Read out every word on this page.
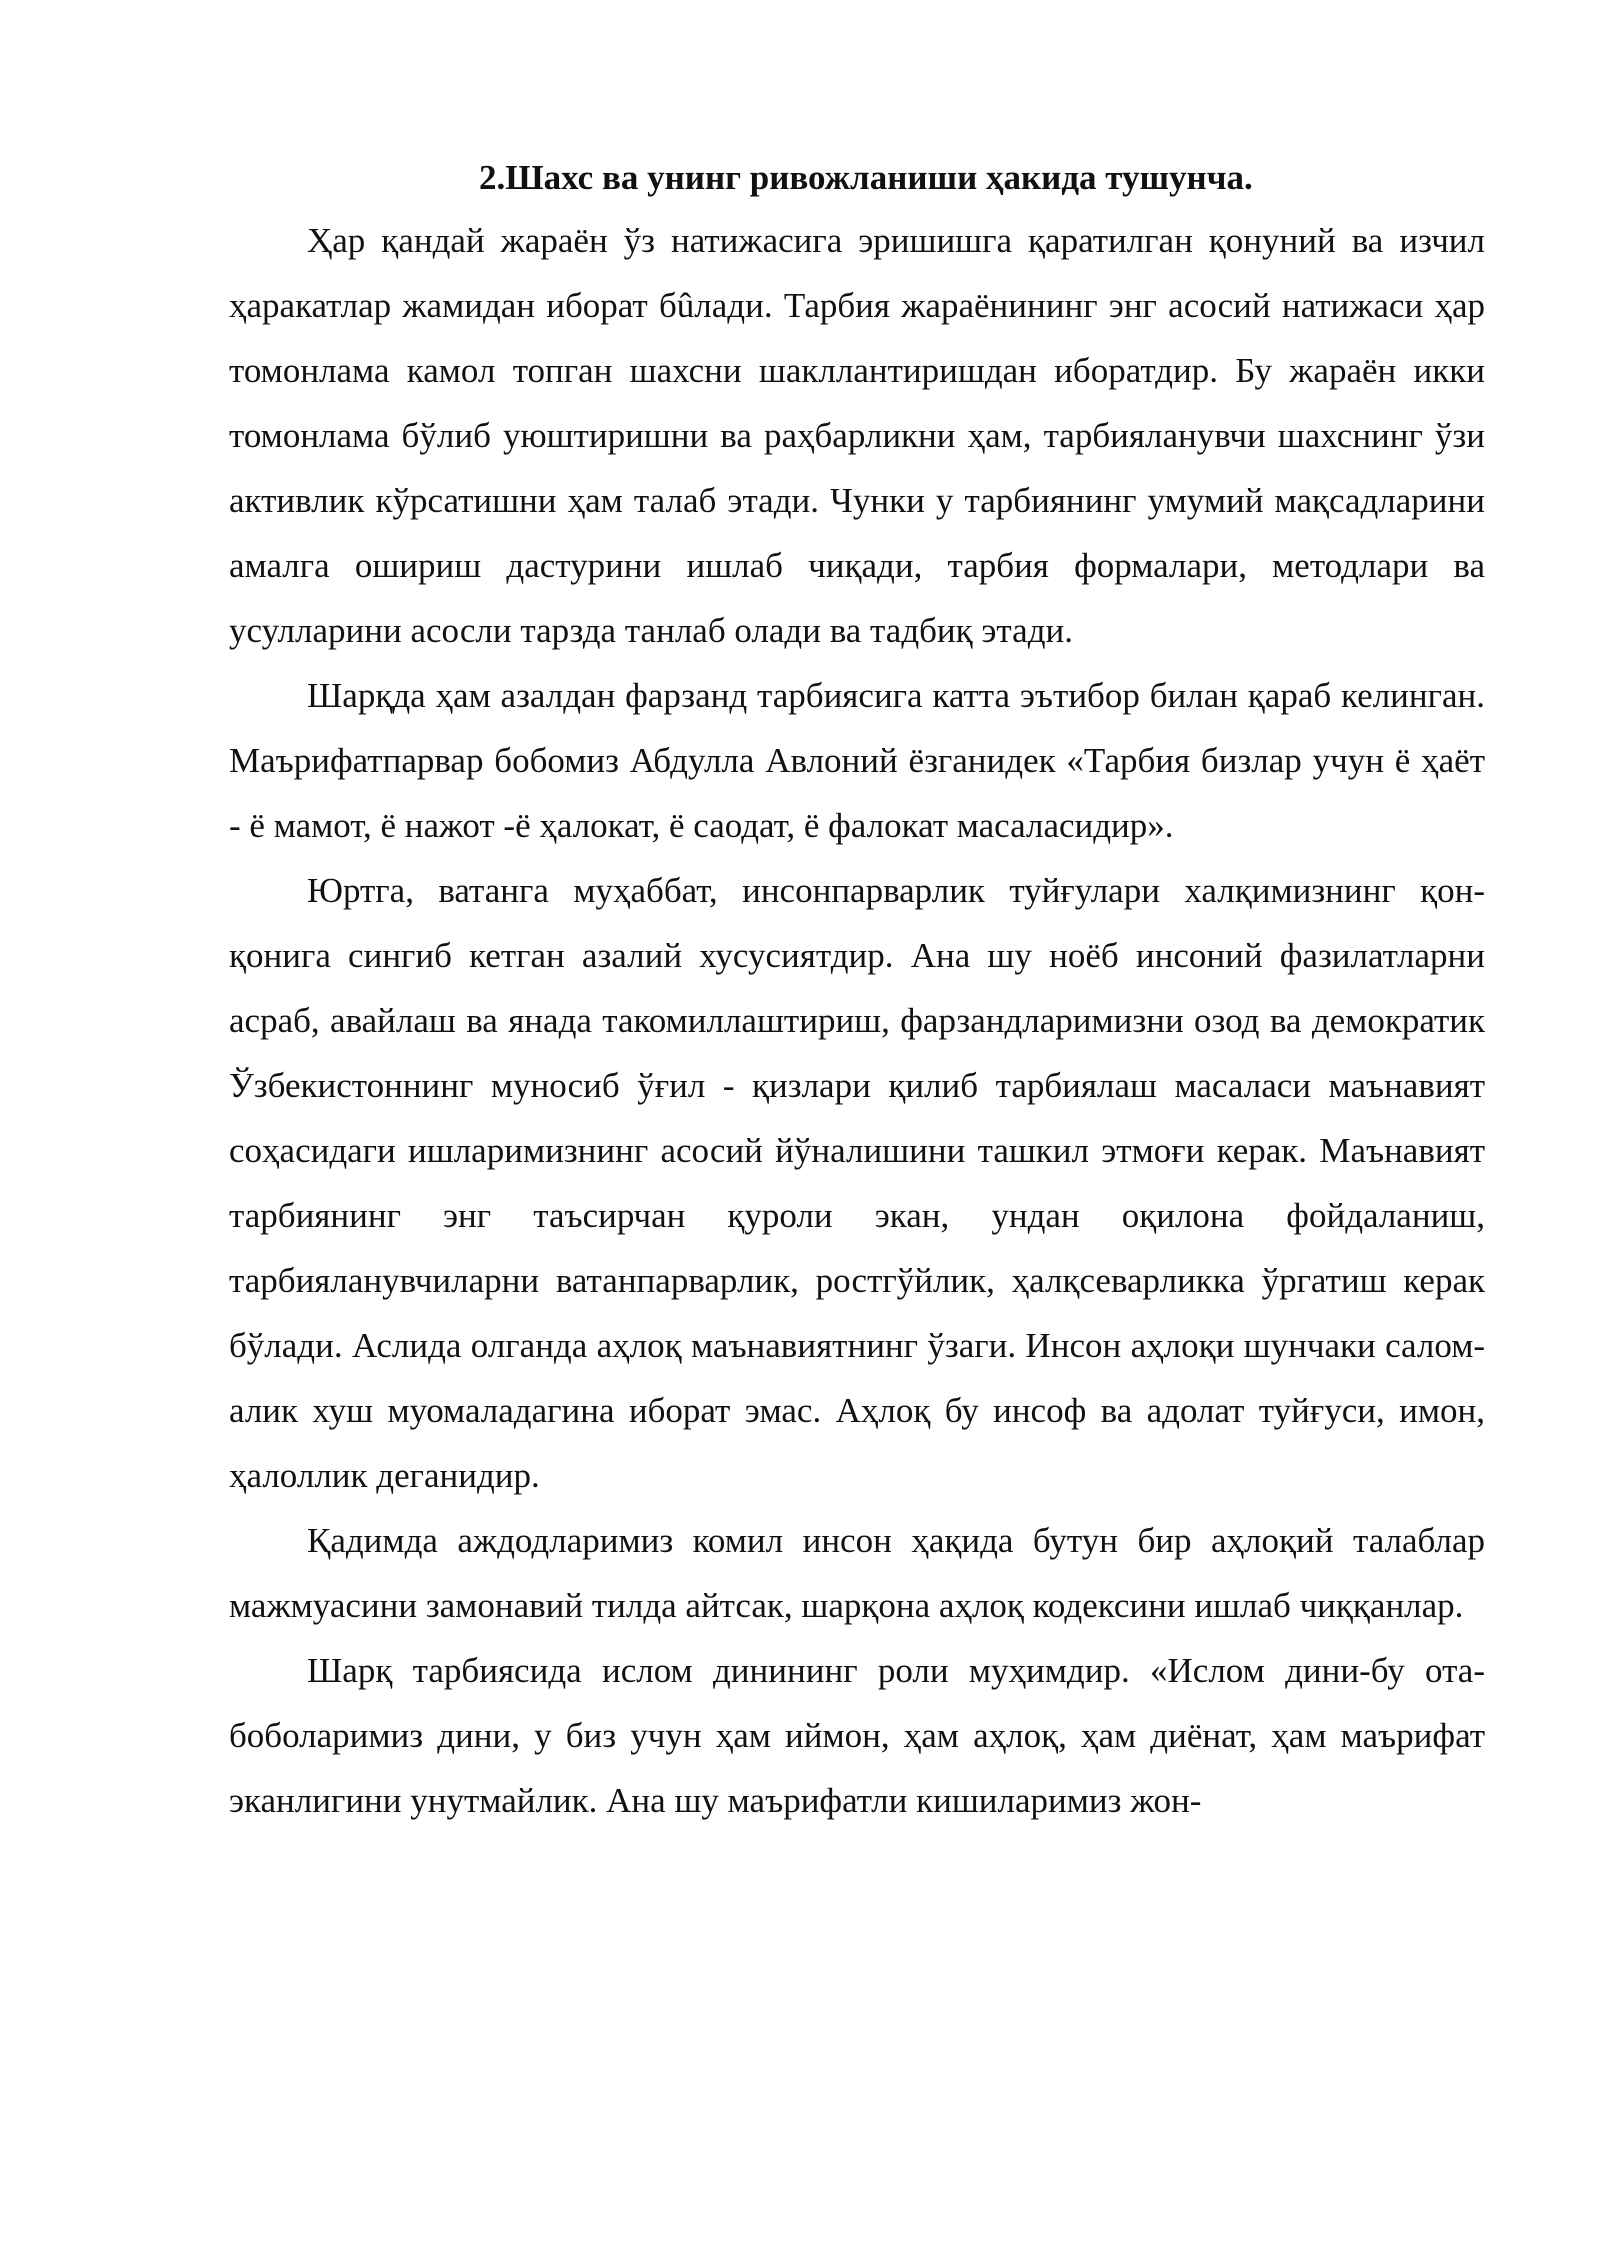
2.Шахс ва унинг ривожланиши ҳакида тушунча.

Ҳар қандай жараён ўз натижасига эришишга қаратилган қонуний ва изчил ҳаракатлар жамидан иборат бûлади. Тарбия жараёнининг энг асосий натижаси ҳар томонлама камол топган шахсни шакллантиришдан иборатдир. Бу жараён икки томонлама бўлиб уюштиришни ва раҳбарликни ҳам, тарбияланувчи шахснинг ўзи активлик кўрсатишни ҳам талаб этади. Чунки у тарбиянинг умумий мақсадларини амалга ошириш дастурини ишлаб чиқади, тарбия формалари, методлари ва усулларини асосли тарзда танлаб олади ва тадбиқ этади.

Шарқда ҳам азалдан фарзанд тарбиясига катта эътибор билан қараб келинган. Маърифатпарвар бобомиз Абдулла Авлоний ёзганидек «Тарбия бизлар учун ё ҳаёт - ё мамот, ё нажот -ё ҳалокат, ё саодат, ё фалокат масаласидир».

Юртга, ватанга муҳаббат, инсонпарварлик туйғулари халқимизнинг қон-қонига сингиб кетган азалий хусусиятдир. Ана шу ноёб инсоний фазилатларни асраб, авайлаш ва янада такомиллаштириш, фарзандларимизни озод ва демократик Ўзбекистоннинг муносиб ўғил - қизлари қилиб тарбиялаш масаласи маънавият соҳасидаги ишларимизнинг асосий йўналишини ташкил этмоғи керак. Маънавият тарбиянинг энг таъсирчан қуроли экан, ундан оқилона фойдаланиш, тарбияланувчиларни ватанпарварлик, ростгўйлик, ҳалқсеварликка ўргатиш керак бўлади. Аслида олганда аҳлоқ маънавиятнинг ўзаги. Инсон аҳлоқи шунчаки салом-алик хуш муомаладагина иборат эмас. Аҳлоқ бу инсоф ва адолат туйғуси, имон, ҳалоллик деганидир.

Қадимда аждодларимиз комил инсон ҳақида бутун бир аҳлоқий талаблар мажмуасини замонавий тилда айтсак, шарқона аҳлоқ кодексини ишлаб чиққанлар.

Шарқ тарбиясида ислом динининг роли муҳимдир. «Ислом дини-бу ота-боболаримиз дини, у биз учун ҳам иймон, ҳам аҳлоқ, ҳам диёнат, ҳам маърифат эканлигини унутмайлик. Ана шу маърифатли кишиларимиз жон-
